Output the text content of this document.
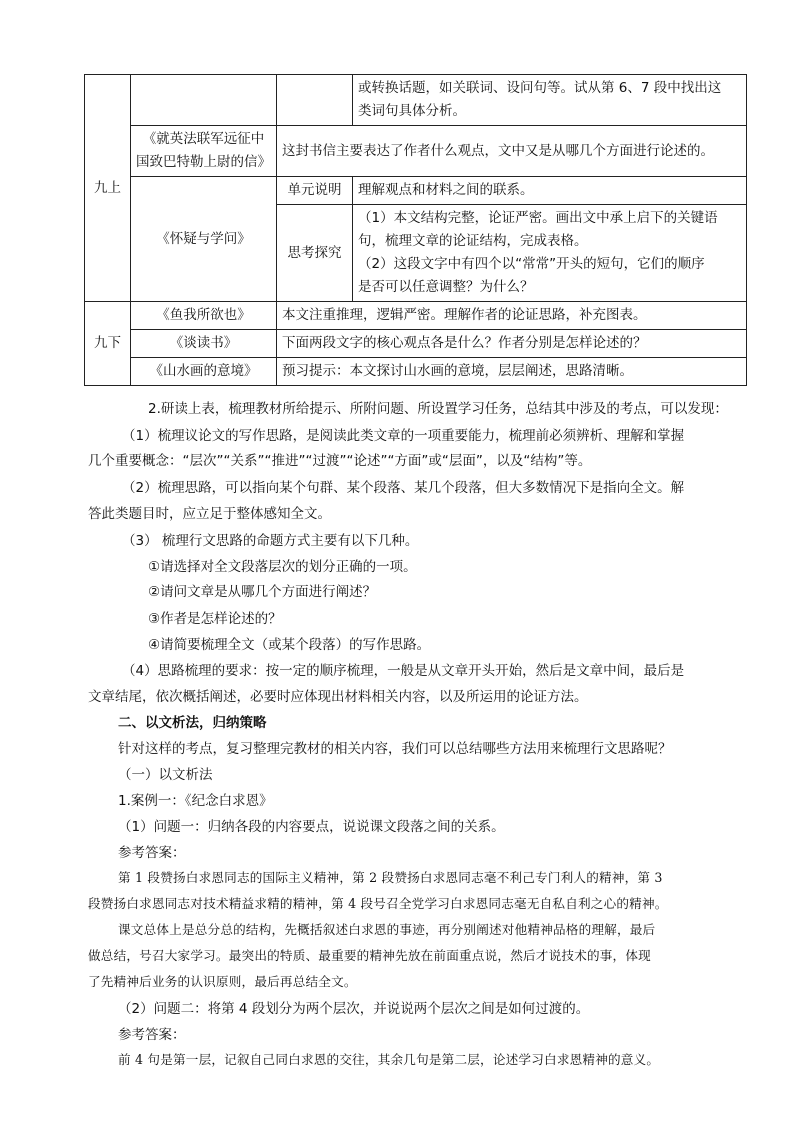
九上			或转换话题，如关联词、设问句等。试从第 6、7 段中找出这
类词句具体分析。

	《就英法联军远征中
国致巴特勒上尉的信》	这封书信主要表达了作者什么观点，文中又是从哪几个方面进行论述的。	
	《怀疑与学问》	单元说明	理解观点和材料之间的联系。
		思考探究	（1）本文结构完整，论证严密。画出文中承上启下的关键语
句，梳理文章的论证结构，完成表格。
（2）这段文字中有四个以“常常”开头的短句，它们的顺序
是否可以任意调整？为什么？

九下	《鱼我所欲也》	本文注重推理，逻辑严密。理解作者的论证思路，补充图表。	
	《谈读书》	下面两段文字的核心观点各是什么？作者分别是怎样论述的？	
	《山水画的意境》	预习提示：本文探讨山水画的意境，层层阐述，思路清晰。	
2.研读上表，梳理教材所给提示、所附问题、所设置学习任务，总结其中涉及的考点，可以发现：
（1）梳理议论文的写作思路，是阅读此类文章的一项重要能力，梳理前必须辨析、理解和掌握
几个重要概念：“层次”“关系”“推进”“过渡”“论述”“方面”或“层面”，以及“结构”等。
（2）梳理思路，可以指向某个句群、某个段落、某几个段落，但大多数情况下是指向全文。解
答此类题目时，应立足于整体感知全文。
（3） 梳理行文思路的命题方式主要有以下几种。
①请选择对全文段落层次的划分正确的一项。
②请问文章是从哪几个方面进行阐述？
③作者是怎样论述的？
④请简要梳理全文（或某个段落）的写作思路。
（4）思路梳理的要求：按一定的顺序梳理，一般是从文章开头开始，然后是文章中间，最后是
文章结尾，依次概括阐述，必要时应体现出材料相关内容，以及所运用的论证方法。
二、以文析法，归纳策略
针对这样的考点，复习整理完教材的相关内容，我们可以总结哪些方法用来梳理行文思路呢？
（一）以文析法
1.案例一：《纪念白求恩》
（1）问题一：归纳各段的内容要点，说说课文段落之间的关系。
参考答案：
第 1 段赞扬白求恩同志的国际主义精神，第 2 段赞扬白求恩同志毫不利己专门利人的精神，第 3
段赞扬白求恩同志对技术精益求精的精神，第 4 段号召全党学习白求恩同志毫无自私自利之心的精神。
课文总体上是总分总的结构，先概括叙述白求恩的事迹，再分别阐述对他精神品格的理解，最后
做总结，号召大家学习。最突出的特质、最重要的精神先放在前面重点说，然后才说技术的事，体现
了先精神后业务的认识原则，最后再总结全文。
（2）问题二：将第 4 段划分为两个层次，并说说两个层次之间是如何过渡的。
参考答案：
前 4 句是第一层，记叙自己同白求恩的交往，其余几句是第二层，论述学习白求恩精神的意义。
